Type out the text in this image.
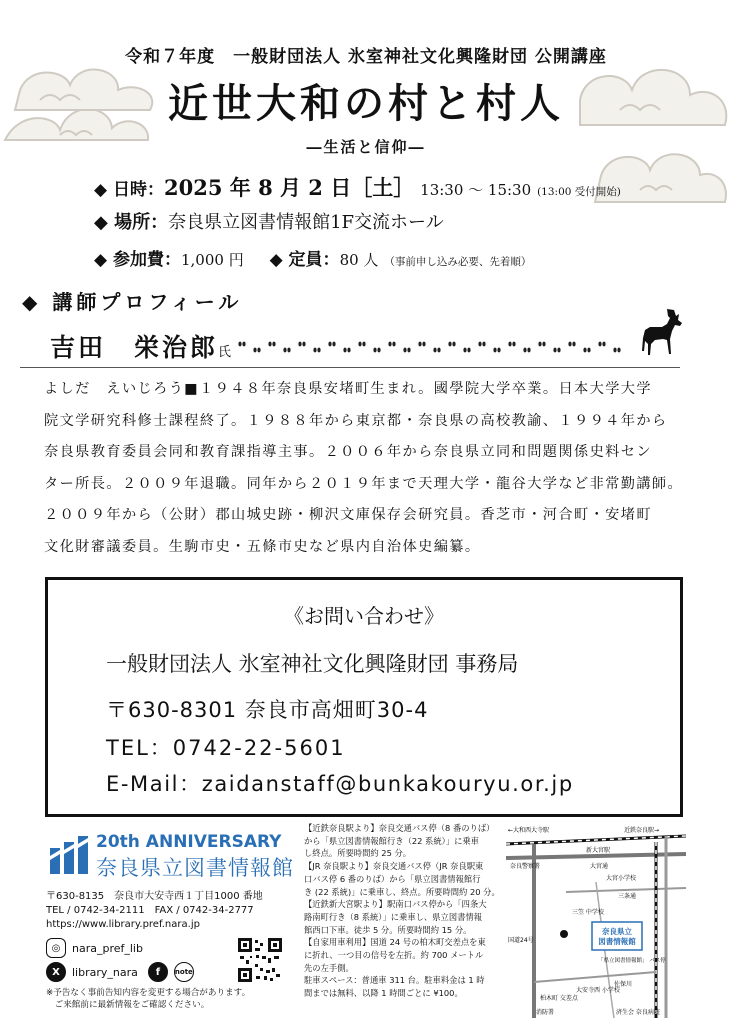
令和７年度　一般財団法人 氷室神社文化興隆財団 公開講座
近世大和の村と村人
―生活と信仰―
◆ 日時：2025 年 8 月 2 日［土］ 13:30 ～ 15:30 (13:00 受付開始)
◆ 場所：奈良県立図書情報館1F交流ホール
◆ 参加費：1,000 円 ◆ 定員：80 人 （事前申し込み必要、先着順）
◆ 講師プロフィール
吉田　栄治郎氏
よしだ　えいじろう■１９４８年奈良県安堵町生まれ。國學院大学卒業。日本大学大学
院文学研究科修士課程終了。１９８８年から東京都・奈良県の高校教諭、１９９４年から
奈良県教育委員会同和教育課指導主事。２００６年から奈良県立同和問題関係史料セン
ター所長。２００９年退職。同年から２０１９年まで天理大学・龍谷大学など非常勤講師。
２００９年から（公財）郡山城史跡・柳沢文庫保存会研究員。香芝市・河合町・安堵町
文化財審議委員。生駒市史・五條市史など県内自治体史編纂。
《お問い合わせ》
一般財団法人 氷室神社文化興隆財団 事務局
〒630-8301 奈良市高畑町30-4
TEL：0742-22-5601
E-Mail：zaidanstaff@bunkakouryu.or.jp
20th ANNIVERSARY
奈良県立図書情報館
〒630-8135　奈良市大安寺西１丁目1000 番地
TEL / 0742-34-2111　FAX / 0742-34-2777
https://www.library.pref.nara.jp
◎	nara_pref_lib
X	library_nara	f	note
※予告なく事前告知内容を変更する場合があります。
　ご来館前に最新情報をご確認ください。
【近鉄奈良駅より】奈良交通バス停（8 番のりば）
から「県立図書情報館行き（22 系統）」に乗車
し終点。所要時間約 25 分。
【JR 奈良駅より】奈良交通バス停（JR 奈良駅東
口バス停 6 番のりば）から「県立図書情報館行
き (22 系統)」に乗車し、終点。所要時間約 20 分。
【近鉄新大宮駅より】駅南口バス停から「四条大
路南町行き（8 系統）」に乗車し、県立図書情報
館西口下車。徒歩 5 分。所要時間約 15 分。
【自家用車利用】国道 24 号の柏木町交差点を東
に折れ、一つ目の信号を左折。約 700 メートル
先の左手側。
駐車スペース：普通車 311 台。駐車料金は 1 時
間までは無料、以降 1 時間ごとに ¥100。
奈良県立図書情報館
←大和西大寺駅	近鉄奈良駅→
新大宮駅
奈良警察署	大宮通
大宮小学校
三条通
三笠 中学校
国道24号
「県立図書情報館」 バス停
大安寺西 小学校
柏木町 交差点
消防署	済生会 奈良病院
佐保川
